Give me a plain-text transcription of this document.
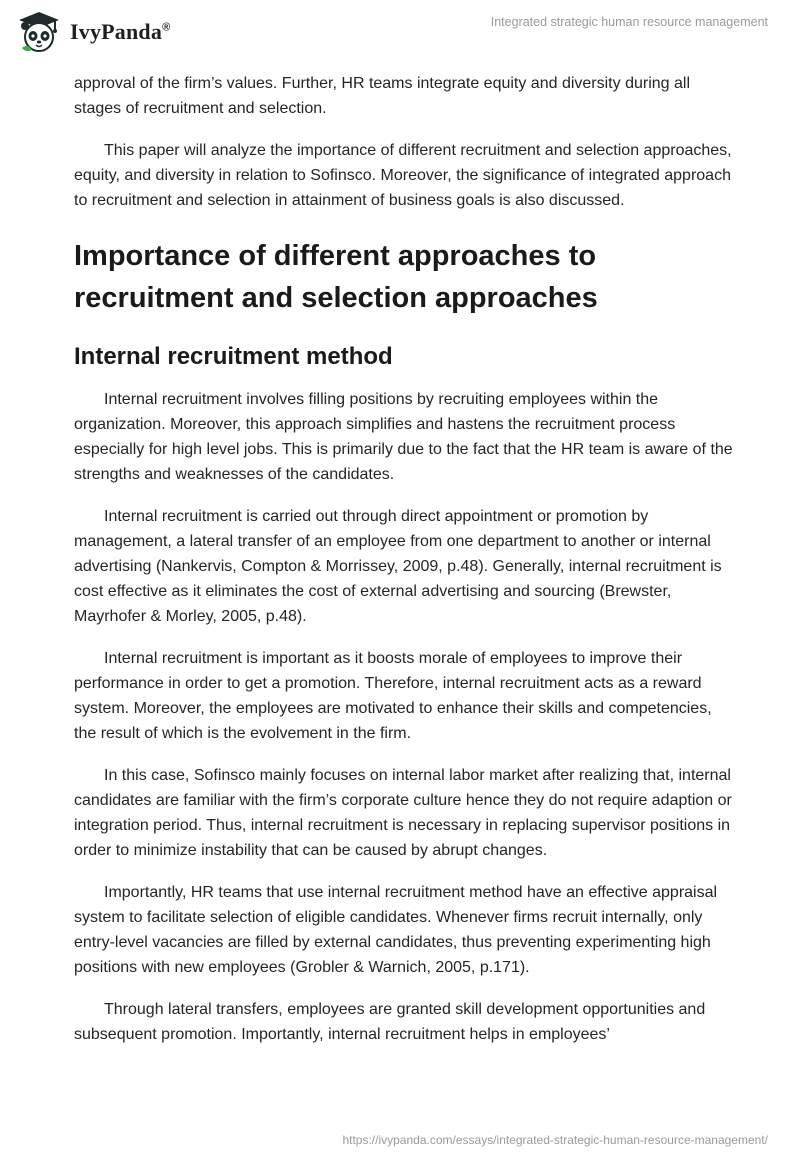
IvyPanda®	Integrated strategic human resource management

approval of the firm’s values. Further, HR teams integrate equity and diversity during all stages of recruitment and selection.

This paper will analyze the importance of different recruitment and selection approaches, equity, and diversity in relation to Sofinsco. Moreover, the significance of integrated approach to recruitment and selection in attainment of business goals is also discussed.

Importance of different approaches to recruitment and selection approaches
Internal recruitment method

Internal recruitment involves filling positions by recruiting employees within the organization. Moreover, this approach simplifies and hastens the recruitment process especially for high level jobs. This is primarily due to the fact that the HR team is aware of the strengths and weaknesses of the candidates.

Internal recruitment is carried out through direct appointment or promotion by management, a lateral transfer of an employee from one department to another or internal advertising (Nankervis, Compton & Morrissey, 2009, p.48). Generally, internal recruitment is cost effective as it eliminates the cost of external advertising and sourcing (Brewster, Mayrhofer & Morley, 2005, p.48).

Internal recruitment is important as it boosts morale of employees to improve their performance in order to get a promotion. Therefore, internal recruitment acts as a reward system. Moreover, the employees are motivated to enhance their skills and competencies, the result of which is the evolvement in the firm.

In this case, Sofinsco mainly focuses on internal labor market after realizing that, internal candidates are familiar with the firm’s corporate culture hence they do not require adaption or integration period. Thus, internal recruitment is necessary in replacing supervisor positions in order to minimize instability that can be caused by abrupt changes.

Importantly, HR teams that use internal recruitment method have an effective appraisal system to facilitate selection of eligible candidates. Whenever firms recruit internally, only entry-level vacancies are filled by external candidates, thus preventing experimenting high positions with new employees (Grobler & Warnich, 2005, p.171).

Through lateral transfers, employees are granted skill development opportunities and subsequent promotion. Importantly, internal recruitment helps in employees’

https://ivypanda.com/essays/integrated-strategic-human-resource-management/
